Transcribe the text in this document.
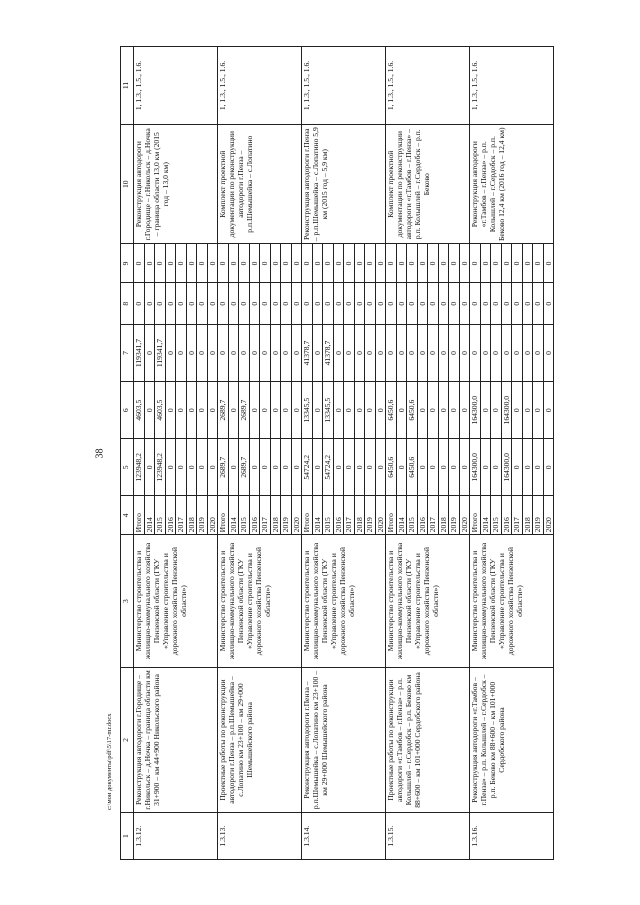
38
c:\мои документы\pdf\5\17-mr.docx
1	2	3	4	5	6	7	8	9	10	11
1.3.12.	Реконструкция автодороги г.Городище – г.Никольск – д.Ночка – граница области км 31+900 – км 44+900 Никольского района	Министерство строительства и жилищно-коммунального хозяйства Пензенской области (ГКУ «Управление строительства и дорожного хозяйства Пензенской области»)	Итого	123948,2	4603,5	119341,7	0	0	Реконструкция автодороги г.Городище – г.Никольск – д.Ночка – граница области 13,0 км (2015 год – 13,0 км)	1, 1.3., 1.5., 1.6.
			2014	0	0	0	0	0		
			2015	123948,2	4603,5	119341,7	0	0		
			2016	0	0	0	0	0		
			2017	0	0	0	0	0		
			2018	0	0	0	0	0		
			2019	0	0	0	0	0		
			2020	0	0	0	0	0		
1.3.13.	Проектные работы по реконструкции автодороги г.Пенза – р.п.Шемышейка – с.Лопатино км 23+100 – км 29+000 Шемышейского района	Министерство строительства и жилищно-коммунального хозяйства Пензенской области (ГКУ «Управление строительства и дорожного хозяйства Пензенской области»)	Итого	2689,7	2689,7	0	0	0	Комплект проектной документации по реконструкции автодороги г.Пенза – р.п.Шемышейка – с.Лопатино	1, 1.3., 1.5., 1.6.
			2014	0	0	0	0	0		
			2015	2689,7	2689,7	0	0	0		
			2016	0	0	0	0	0		
			2017	0	0	0	0	0		
			2018	0	0	0	0	0		
			2019	0	0	0	0	0		
			2020	0	0	0	0	0		
1.3.14.	Реконструкция автодороги г.Пенза – р.п.Шемышейка – с.Лопатино км 23+100 – км 29+000 Шемышейского района	Министерство строительства и жилищно-коммунального хозяйства Пензенской области (ГКУ «Управление строительства и дорожного хозяйства Пензенской области»)	Итого	54724,2	13345,5	41378,7	0	0	Реконструкция автодороги г.Пенза – р.п.Шемышейка – с.Лопатино 5,9 км (2015 год – 5,9 км)	1, 1.3., 1.5., 1.6.
			2014	0	0	0	0	0		
			2015	54724,2	13345,5	41378,7	0	0		
			2016	0	0	0	0	0		
			2017	0	0	0	0	0		
			2018	0	0	0	0	0		
			2019	0	0	0	0	0		
			2020	0	0	0	0	0		
1.3.15.	Проектные работы по реконструкции автодороги «г.Тамбов – г.Пенза» – р.п. Колышлей – г.Сердобск – р.п. Беково км 88+600 – км 101+000 Сердобского района	Министерство строительства и жилищно-коммунального хозяйства Пензенской области (ГКУ «Управление строительства и дорожного хозяйства Пензенской области»)	Итого	6450,6	6450,6	0	0	0	Комплект проектной документации по реконструкции автодороги «г.Тамбов – г.Пенза» – р.п. Колышлей – г.Сердобск – р.п. Беково	1, 1.3., 1.5., 1.6.
			2014	0	0	0	0	0		
			2015	6450,6	6450,6	0	0	0		
			2016	0	0	0	0	0		
			2017	0	0	0	0	0		
			2018	0	0	0	0	0		
			2019	0	0	0	0	0		
			2020	0	0	0	0	0		
1.3.16.	Реконструкция автодороги «г.Тамбов – г.Пенза» – р.п. Колышлей – г.Сердобск – р.п. Беково км 88+600 – км 101+000 Сердобского района	Министерство строительства и жилищно-коммунального хозяйства Пензенской области (ГКУ «Управление строительства и дорожного хозяйства Пензенской области»)	Итого	164300,0	164300,0	0	0	0	Реконструкция автодороги «г.Тамбов – г.Пенза» – р.п. Колышлей – г.Сердобск – р.п. Беково 12,4 км (2016 год – 12,4 км)	1, 1.3., 1.5., 1.6.
			2014	0	0	0	0	0		
			2015	0	0	0	0	0		
			2016	164300,0	164300,0	0	0	0		
			2017	0	0	0	0	0		
			2018	0	0	0	0	0		
			2019	0	0	0	0	0		
			2020	0	0	0	0	0		
